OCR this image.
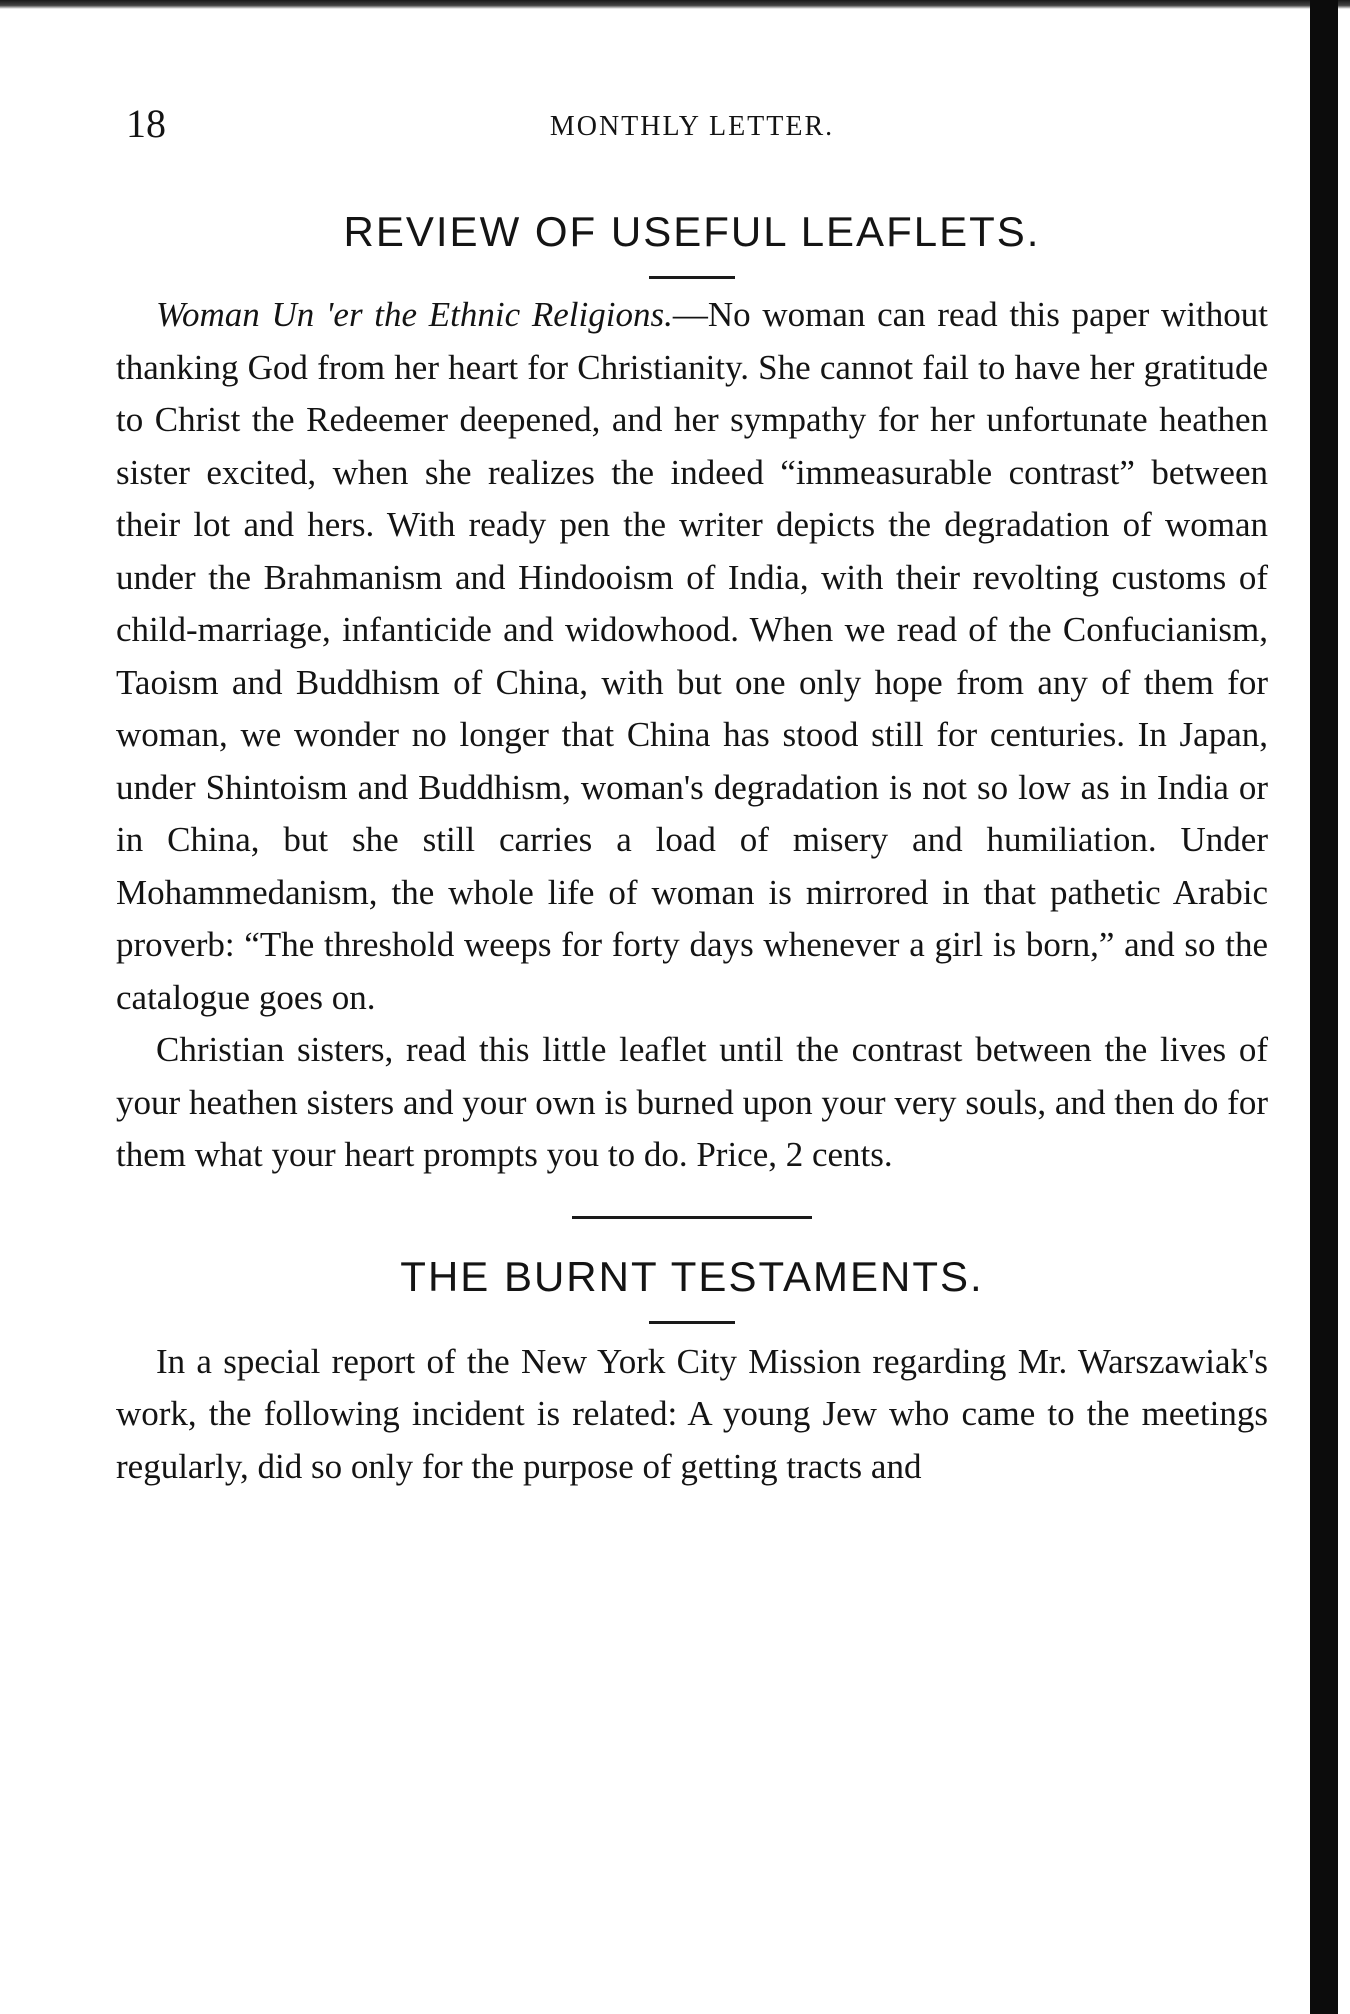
18	MONTHLY LETTER.
REVIEW OF USEFUL LEAFLETS.

Woman Un 'er the Ethnic Religions.—No woman can read this paper without thanking God from her heart for Christianity. She cannot fail to have her gratitude to Christ the Redeemer deepened, and her sympathy for her unfortunate heathen sister excited, when she realizes the indeed “immeasurable contrast” between their lot and hers. With ready pen the writer depicts the degradation of woman under the Brahmanism and Hindooism of India, with their revolting customs of child-marriage, infanticide and widowhood. When we read of the Confucianism, Taoism and Buddhism of China, with but one only hope from any of them for woman, we wonder no longer that China has stood still for centuries. In Japan, under Shintoism and Buddhism, woman's degradation is not so low as in India or in China, but she still carries a load of misery and humiliation. Under Mohammedanism, the whole life of woman is mirrored in that pathetic Arabic proverb: “The threshold weeps for forty days whenever a girl is born,” and so the catalogue goes on.

Christian sisters, read this little leaflet until the contrast between the lives of your heathen sisters and your own is burned upon your very souls, and then do for them what your heart prompts you to do. Price, 2 cents.

THE BURNT TESTAMENTS.

In a special report of the New York City Mission regarding Mr. Warszawiak's work, the following incident is related: A young Jew who came to the meetings regularly, did so only for the purpose of getting tracts and
